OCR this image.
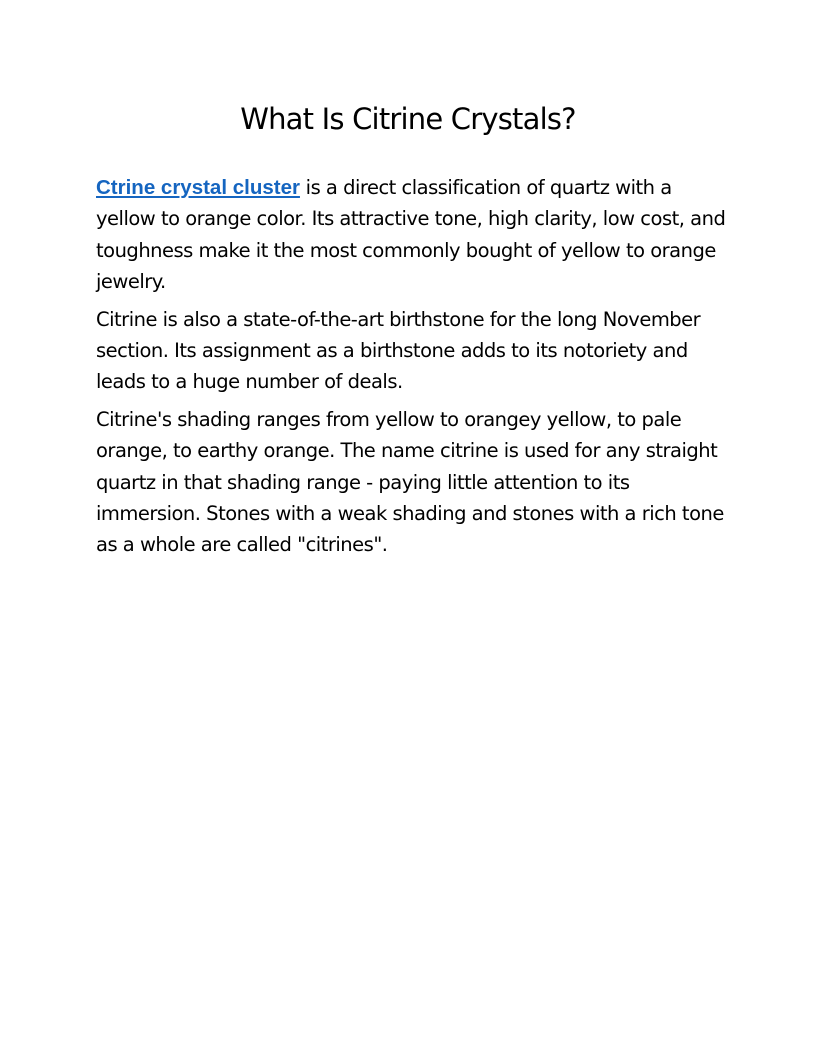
What Is Citrine Crystals?

Ctrine crystal cluster is a direct classification of quartz with a yellow to orange color. Its attractive tone, high clarity, low cost, and toughness make it the most commonly bought of yellow to orange jewelry.

Citrine is also a state-of-the-art birthstone for the long November section. Its assignment as a birthstone adds to its notoriety and leads to a huge number of deals.

Citrine's shading ranges from yellow to orangey yellow, to pale orange, to earthy orange. The name citrine is used for any straight quartz in that shading range - paying little attention to its immersion. Stones with a weak shading and stones with a rich tone as a whole are called "citrines".
